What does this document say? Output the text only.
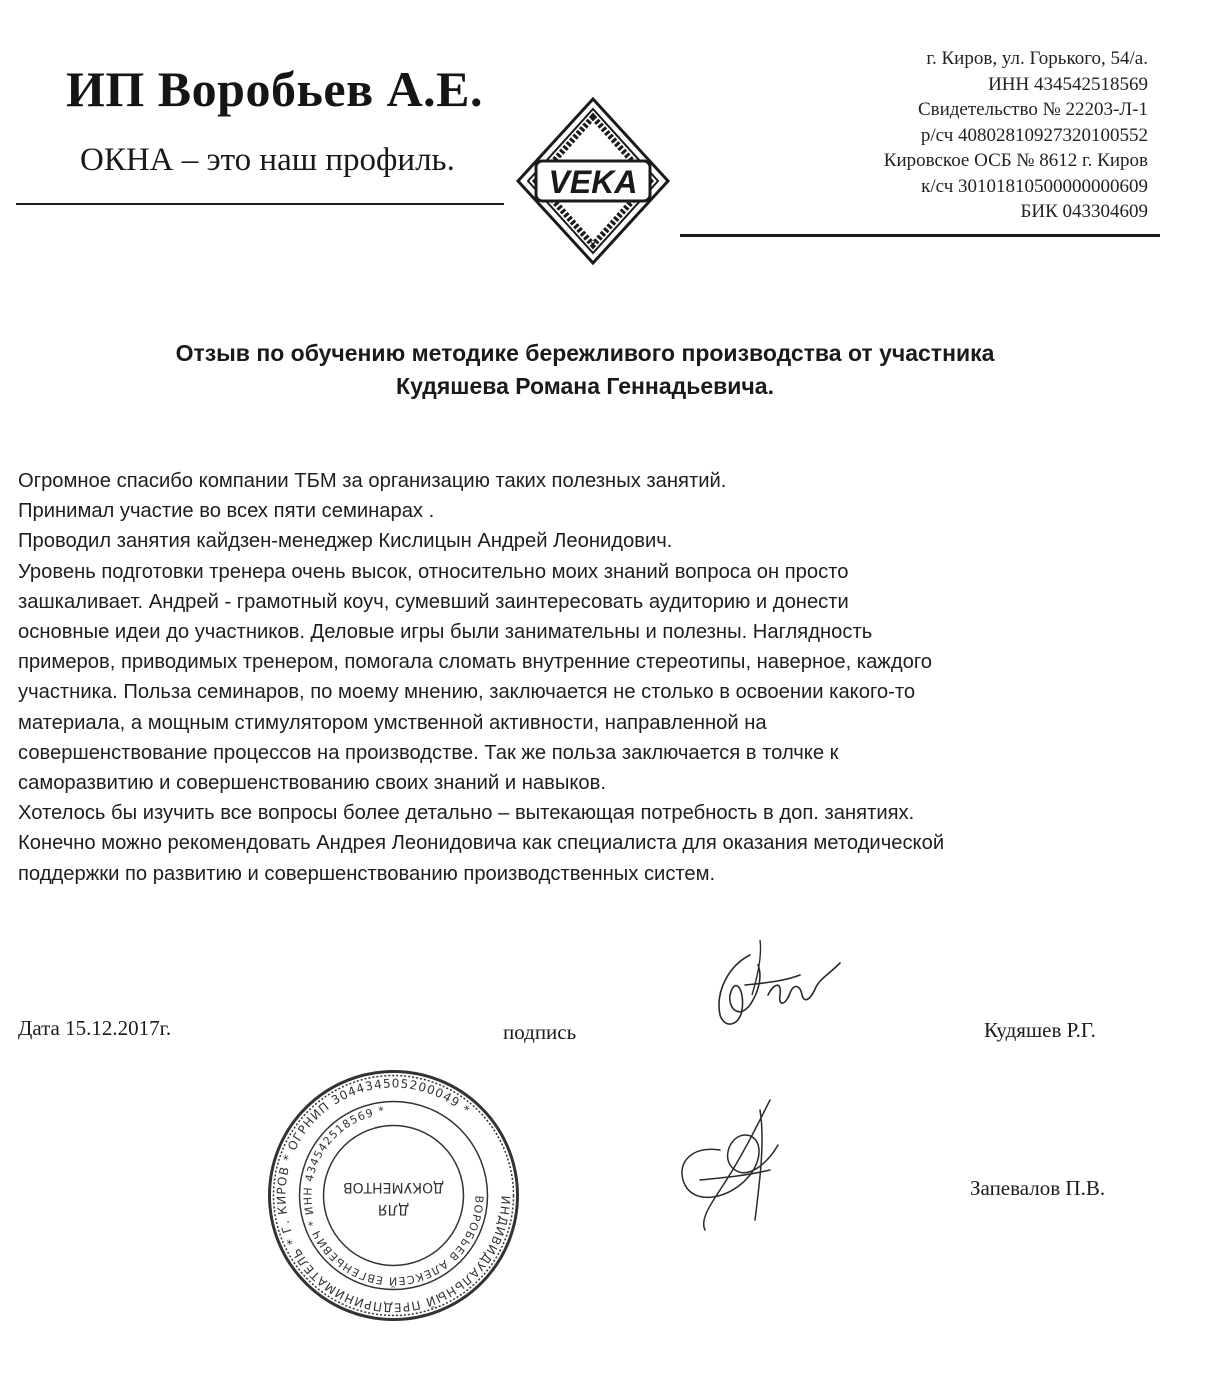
ИП Воробьев А.Е.
ОКНА – это наш профиль.
VEKA
г. Киров, ул. Горького, 54/а.
ИНН 434542518569
Свидетельство № 22203-Л-1
р/сч 40802810927320100552
Кировское ОСБ № 8612 г. Киров
к/сч 30101810500000000609
БИК 043304609
Отзыв по обучению методике бережливого производства от участника
Кудяшева Романа Геннадьевича.
Огромное спасибо компании ТБМ за организацию таких полезных занятий.
Принимал участие во всех пяти семинарах .
Проводил занятия кайдзен-менеджер Кислицын Андрей Леонидович.
Уровень подготовки тренера очень высок, относительно моих знаний вопроса он просто
зашкаливает. Андрей - грамотный коуч, сумевший заинтересовать аудиторию и донести
основные идеи до участников. Деловые игры были занимательны и полезны. Наглядность
примеров, приводимых тренером, помогала сломать внутренние стереотипы, наверное, каждого
участника. Польза семинаров, по моему мнению, заключается не столько в освоении какого-то
материала, а мощным стимулятором умственной активности, направленной на
совершенствование процессов на производстве. Так же польза заключается в толчке к
саморазвитию и совершенствованию своих знаний и навыков.
Хотелось бы изучить все вопросы более детально – вытекающая потребность в доп. занятиях.
Конечно можно рекомендовать Андрея Леонидовича как специалиста для оказания методической
поддержки по развитию и совершенствованию производственных систем.
Дата 15.12.2017г.	подпись	Кудяшев Р.Г.
Запевалов П.В.
ИНДИВИДУАЛЬНЫЙ ПРЕДПРИНИМАТЕЛЬ * Г. КИРОВ * ОГРНИП 304434505200049 *
ВОРОБЬЕВ АЛЕКСЕЙ ЕВГЕНЬЕВИЧ * ИНН 434542518569 *
ДЛЯ
ДОКУМЕНТОВ
